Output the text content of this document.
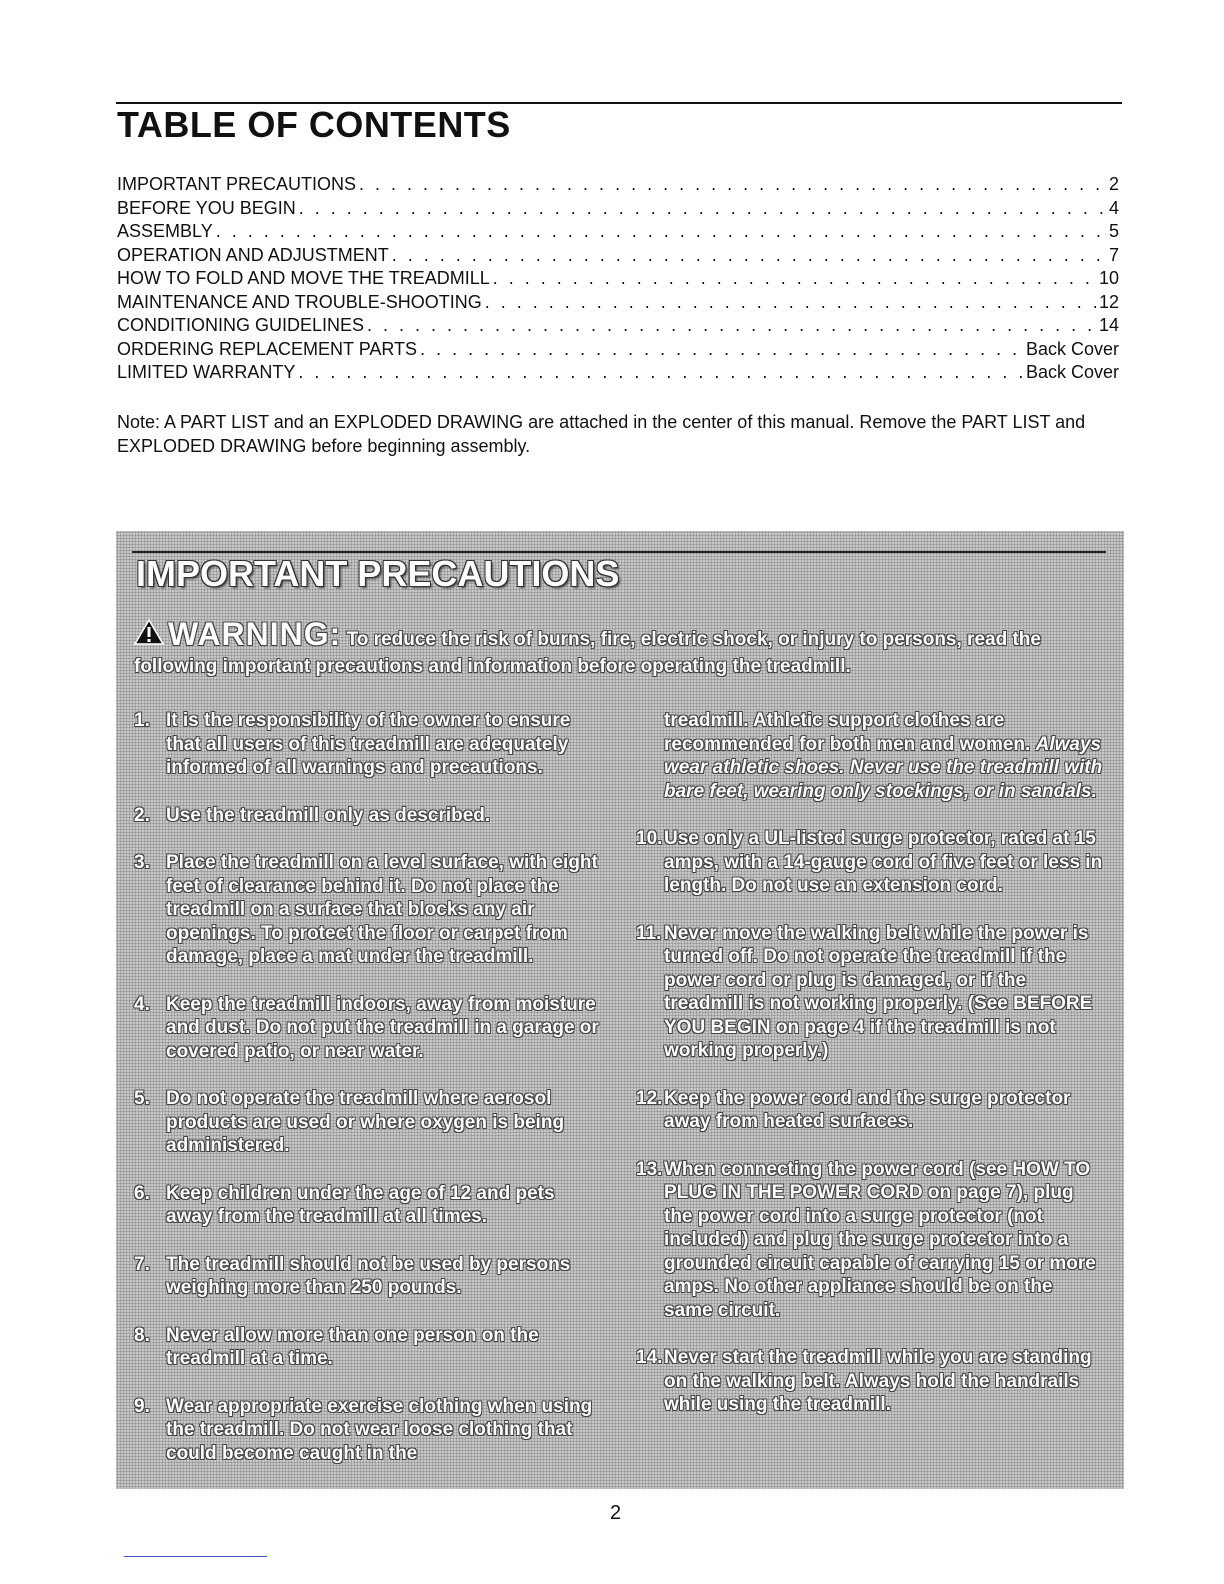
TABLE OF CONTENTS
IMPORTANT PRECAUTIONS . . .	2
BEFORE YOU BEGIN . . .	4
ASSEMBLY . . .	5
OPERATION AND ADJUSTMENT . . .	7
HOW TO FOLD AND MOVE THE TREADMILL . . .	10
MAINTENANCE AND TROUBLE-SHOOTING . . .	12
CONDITIONING GUIDELINES . . .	14
ORDERING REPLACEMENT PARTS . . .	Back Cover
LIMITED WARRANTY . . .	Back Cover

Note: A PART LIST and an EXPLODED DRAWING are attached in the center of this manual. Remove the PART LIST and EXPLODED DRAWING before beginning assembly.

IMPORTANT PRECAUTIONS

WARNING: To reduce the risk of burns, fire, electric shock, or injury to persons, read the following important precautions and information before operating the treadmill.

1. It is the responsibility of the owner to ensure that all users of this treadmill are adequately informed of all warnings and precautions.
2. Use the treadmill only as described.
3. Place the treadmill on a level surface, with eight feet of clearance behind it. Do not place the treadmill on a surface that blocks any air openings. To protect the floor or carpet from damage, place a mat under the treadmill.
4. Keep the treadmill indoors, away from moisture and dust. Do not put the treadmill in a garage or covered patio, or near water.
5. Do not operate the treadmill where aerosol products are used or where oxygen is being administered.
6. Keep children under the age of 12 and pets away from the treadmill at all times.
7. The treadmill should not be used by persons weighing more than 250 pounds.
8. Never allow more than one person on the treadmill at a time.
9. Wear appropriate exercise clothing when using the treadmill. Do not wear loose clothing that could become caught in the
treadmill. Athletic support clothes are recommended for both men and women. Always wear athletic shoes. Never use the treadmill with bare feet, wearing only stockings, or in sandals.
10. Use only a UL-listed surge protector, rated at 15 amps, with a 14-gauge cord of five feet or less in length. Do not use an extension cord.
11. Never move the walking belt while the power is turned off. Do not operate the treadmill if the power cord or plug is damaged, or if the treadmill is not working properly. (See BEFORE YOU BEGIN on page 4 if the treadmill is not working properly.)
12. Keep the power cord and the surge protector away from heated surfaces.
13. When connecting the power cord (see HOW TO PLUG IN THE POWER CORD on page 7), plug the power cord into a surge protector (not included) and plug the surge protector into a grounded circuit capable of carrying 15 or more amps. No other appliance should be on the same circuit.
14. Never start the treadmill while you are standing on the walking belt. Always hold the handrails while using the treadmill.

2
